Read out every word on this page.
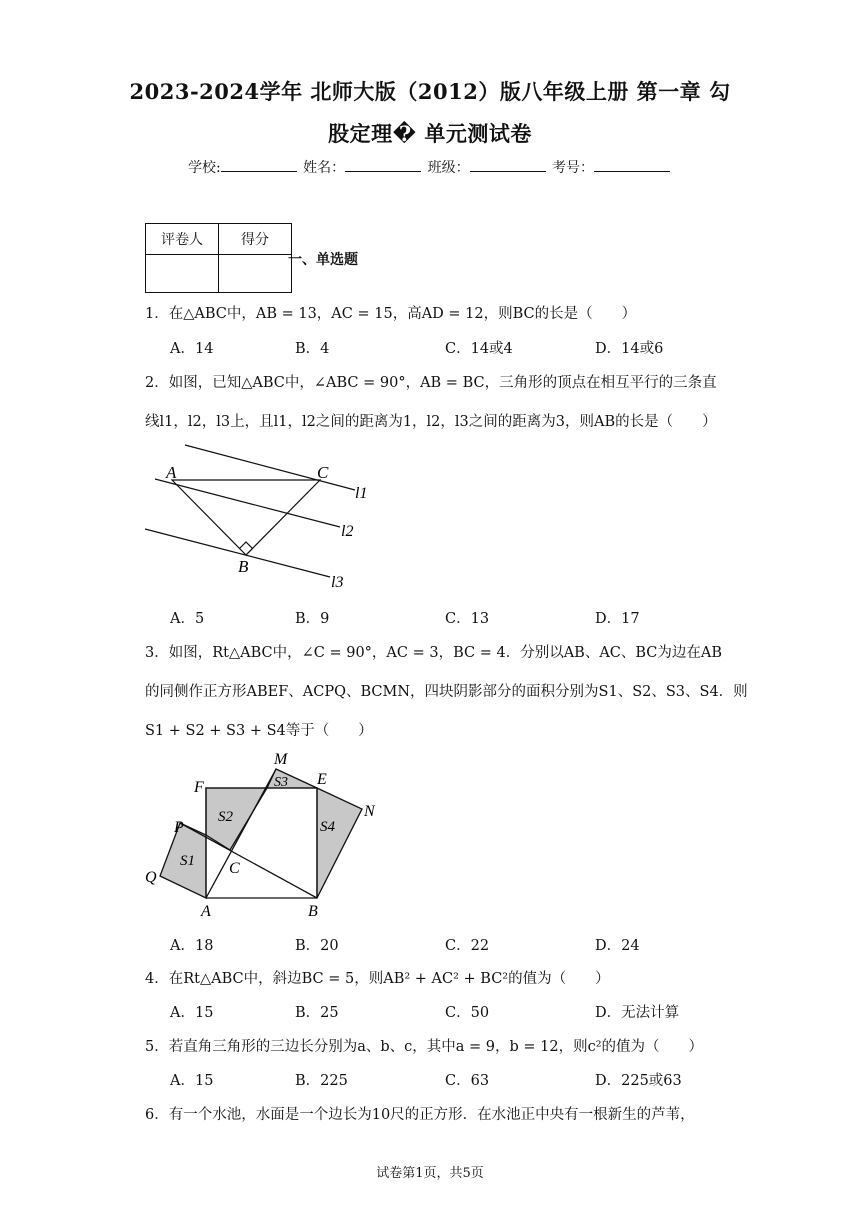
2023-2024学年 北师大版（2012）版八年级上册 第一章 勾
股定理� 单元测试卷
学校:	姓名：	班级：	考号：
评卷人	得分

一、单选题
1．在△ABC中，AB = 13，AC = 15，高AD = 12，则BC的长是（　　）
A．14	B．4	C．14或4	D．14或6
2．如图，已知△ABC中，∠ABC = 90°，AB = BC，三角形的顶点在相互平行的三条直
线l1，l2，l3上，且l1，l2之间的距离为1，l2，l3之间的距离为3，则AB的长是（　　）
A	C
B
l1
l2
l3
A．5	B．9	C．13	D．17
3．如图，Rt△ABC中，∠C = 90°，AC = 3，BC = 4．分别以AB、AC、BC为边在AB
的同侧作正方形ABEF、ACPQ、BCMN，四块阴影部分的面积分别为S1、S2、S3、S4．则
S1 + S2 + S3 + S4等于（　　）
M
S3 E
F
S2
S4
N
P
S1 C
Q
A	B
A．18	B．20	C．22	D．24
4．在Rt△ABC中，斜边BC = 5，则AB² + AC² + BC²的值为（　　）
A．15	B．25	C．50	D．无法计算
5．若直角三角形的三边长分别为a、b、c，其中a = 9，b = 12，则c²的值为（　　）
A．15	B．225	C．63	D．225或63
6．有一个水池，水面是一个边长为10尺的正方形．在水池正中央有一根新生的芦苇，
试卷第1页，共5页
